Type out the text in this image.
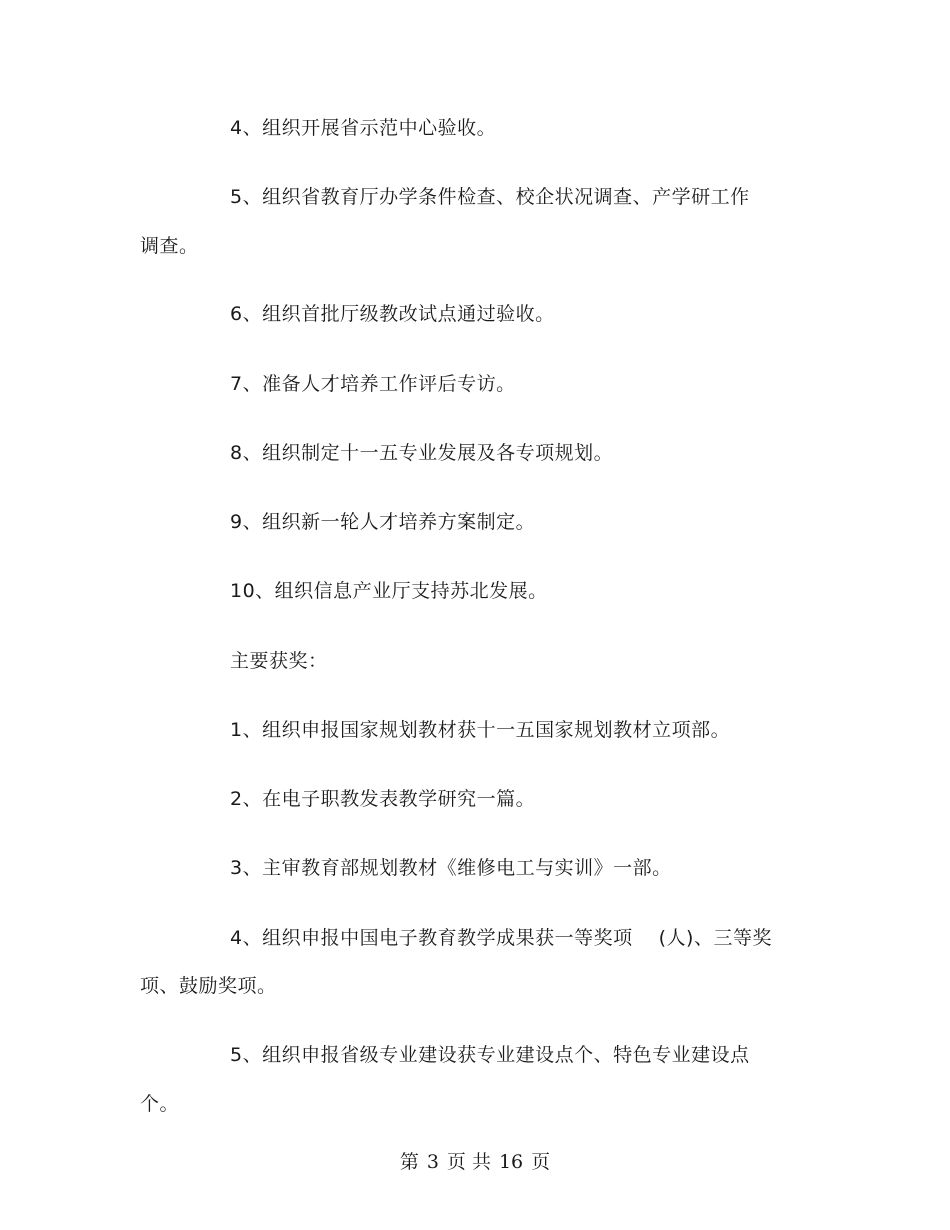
4、组织开展省示范中心验收。
5、组织省教育厅办学条件检查、校企状况调查、产学研工作
调查。
6、组织首批厅级教改试点通过验收。
7、准备人才培养工作评后专访。
8、组织制定十一五专业发展及各专项规划。
9、组织新一轮人才培养方案制定。
10、组织信息产业厅支持苏北发展。
主要获奖：
1、组织申报国家规划教材获十一五国家规划教材立项部。
2、在电子职教发表教学研究一篇。
3、主审教育部规划教材《维修电工与实训》一部。
4、组织申报中国电子教育教学成果获一等奖项　 (人)、三等奖
项、鼓励奖项。
5、组织申报省级专业建设获专业建设点个、特色专业建设点
个。
第 3 页 共 16 页
